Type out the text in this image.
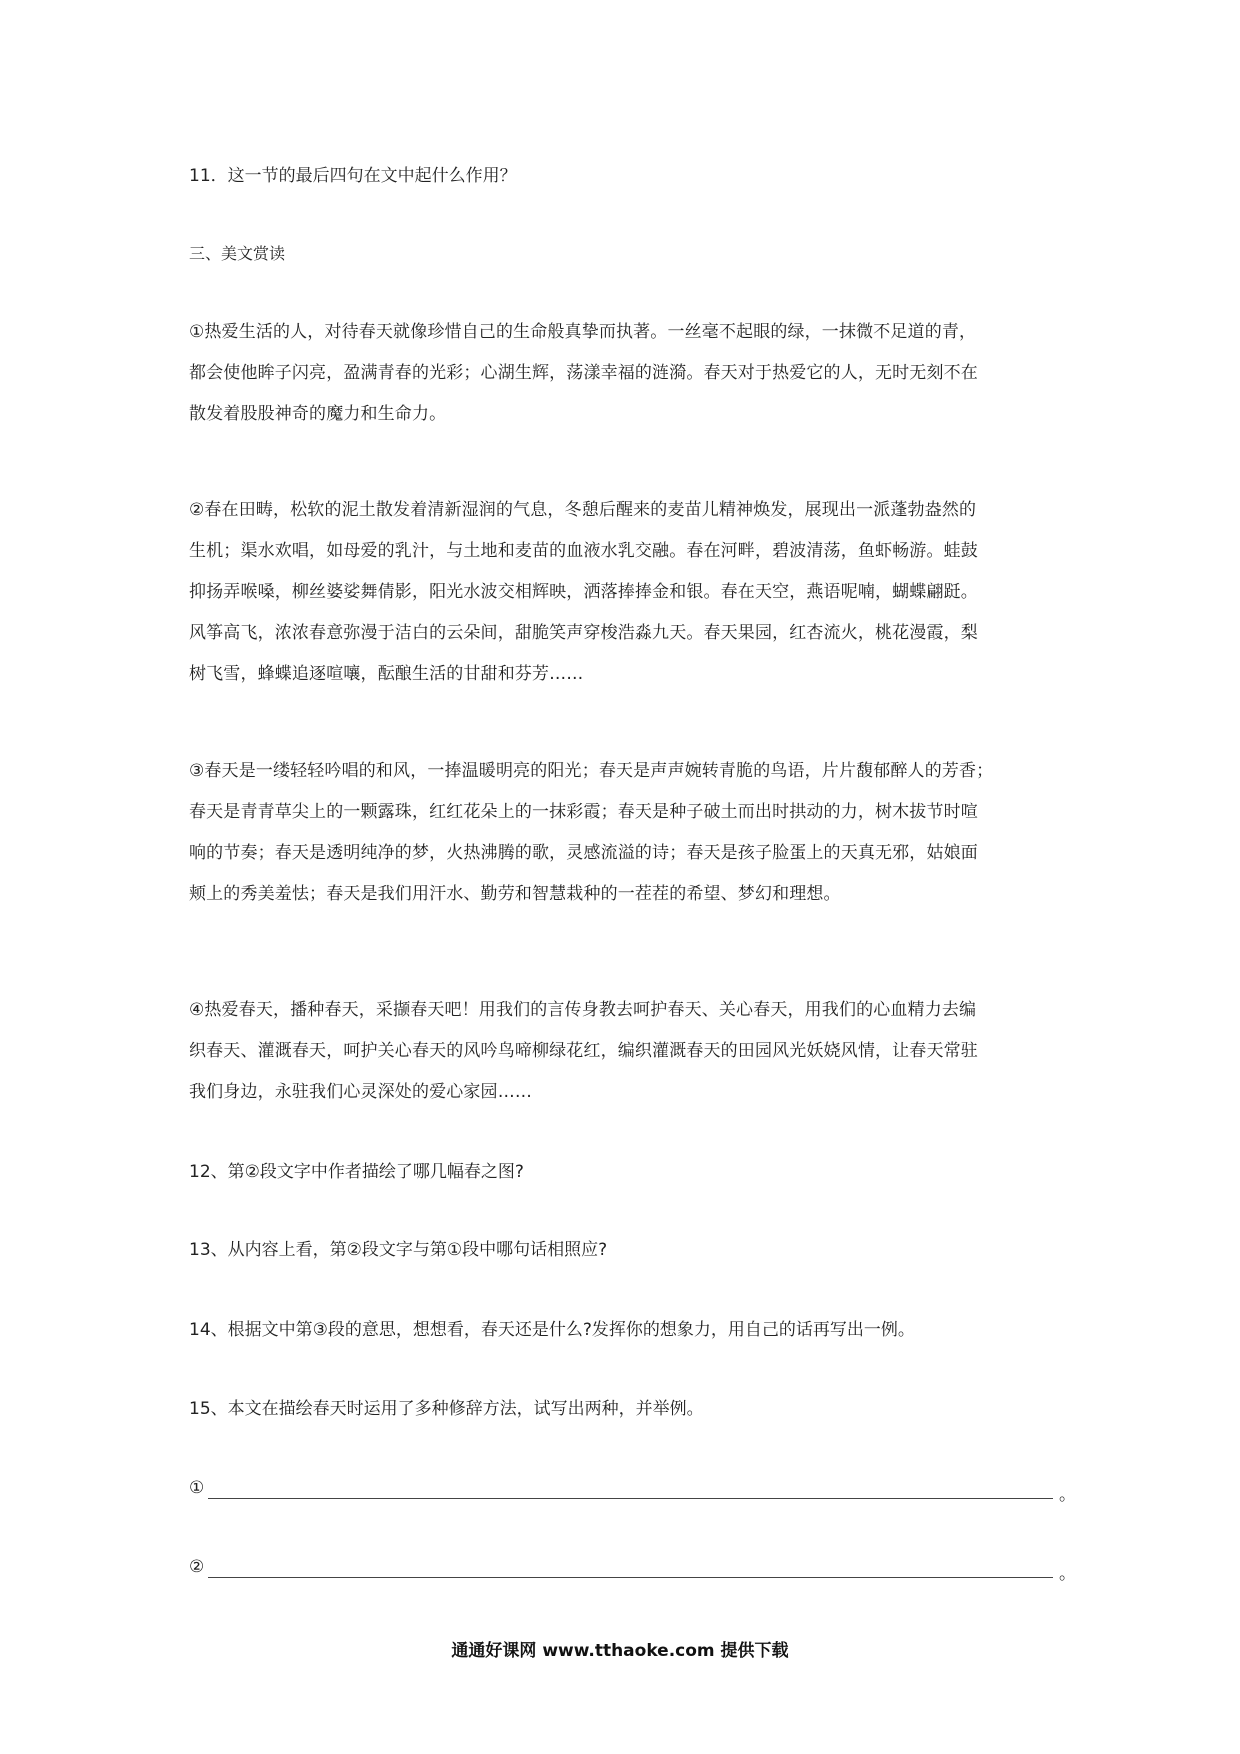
11．这一节的最后四句在文中起什么作用？
三、美文赏读
①热爱生活的人，对待春天就像珍惜自己的生命般真挚而执著。一丝毫不起眼的绿，一抹微不足道的青，
都会使他眸子闪亮，盈满青春的光彩；心湖生辉，荡漾幸福的涟漪。春天对于热爱它的人，无时无刻不在
散发着股股神奇的魔力和生命力。
②春在田畴，松软的泥土散发着清新湿润的气息，冬憩后醒来的麦苗儿精神焕发，展现出一派蓬勃盎然的
生机；渠水欢唱，如母爱的乳汁，与土地和麦苗的血液水乳交融。春在河畔，碧波清荡，鱼虾畅游。蛙鼓
抑扬弄喉嗓，柳丝婆娑舞倩影，阳光水波交相辉映，洒落捧捧金和银。春在天空，燕语呢喃，蝴蝶翩跹。
风筝高飞，浓浓春意弥漫于洁白的云朵间，甜脆笑声穿梭浩淼九天。春天果园，红杏流火，桃花漫霞，梨
树飞雪，蜂蝶追逐喧嚷，酝酿生活的甘甜和芬芳……
③春天是一缕轻轻吟唱的和风，一捧温暖明亮的阳光；春天是声声婉转青脆的鸟语，片片馥郁醉人的芳香；
春天是青青草尖上的一颗露珠，红红花朵上的一抹彩霞；春天是种子破土而出时拱动的力，树木拔节时喧
响的节奏；春天是透明纯净的梦，火热沸腾的歌，灵感流溢的诗；春天是孩子脸蛋上的天真无邪，姑娘面
颊上的秀美羞怯；春天是我们用汗水、勤劳和智慧栽种的一茬茬的希望、梦幻和理想。
④热爱春天，播种春天，采撷春天吧！用我们的言传身教去呵护春天、关心春天，用我们的心血精力去编
织春天、灌溉春天，呵护关心春天的风吟鸟啼柳绿花红，编织灌溉春天的田园风光妖娆风情，让春天常驻
我们身边，永驻我们心灵深处的爱心家园……
12、第②段文字中作者描绘了哪几幅春之图?
13、从内容上看，第②段文字与第①段中哪句话相照应?
14、根据文中第③段的意思，想想看，春天还是什么?发挥你的想象力，用自己的话再写出一例。
15、本文在描绘春天时运用了多种修辞方法，试写出两种，并举例。
①	。
②	。
通通好课网 www.tthaoke.com 提供下载
